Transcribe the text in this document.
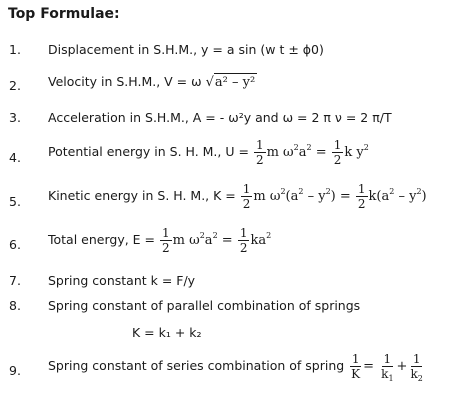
Top Formulae:
1. Displacement in S.H.M., y = a sin (w t ± ϕ0)
2. Velocity in S.H.M., V = ω √a² – y²
3. Acceleration in S.H.M., A = - ω²y and ω = 2 π ν = 2 π/T
4. Potential energy in S. H. M., $U = \frac{1}{2}$ m $\omega^2a^2 = \frac{1}{2}$ k $y^2$
5. Kinetic energy in S. H. M., $K = \frac{1}{2}$ m $\omega^2(a^2 - y^2) = \frac{1}{2} k(a^2 - y^2)$
6. Total energy, $E = \frac{1}{2}$ m $\omega^2a^2 = \frac{1}{2} ka^2$
7. Spring constant k = F/y
8. Spring constant of parallel combination of springs
K = k₁ + k₂
9. Spring constant of series combination of spring $\frac{1}{K} = \frac{1}{k_1} + \frac{1}{k_2}$
